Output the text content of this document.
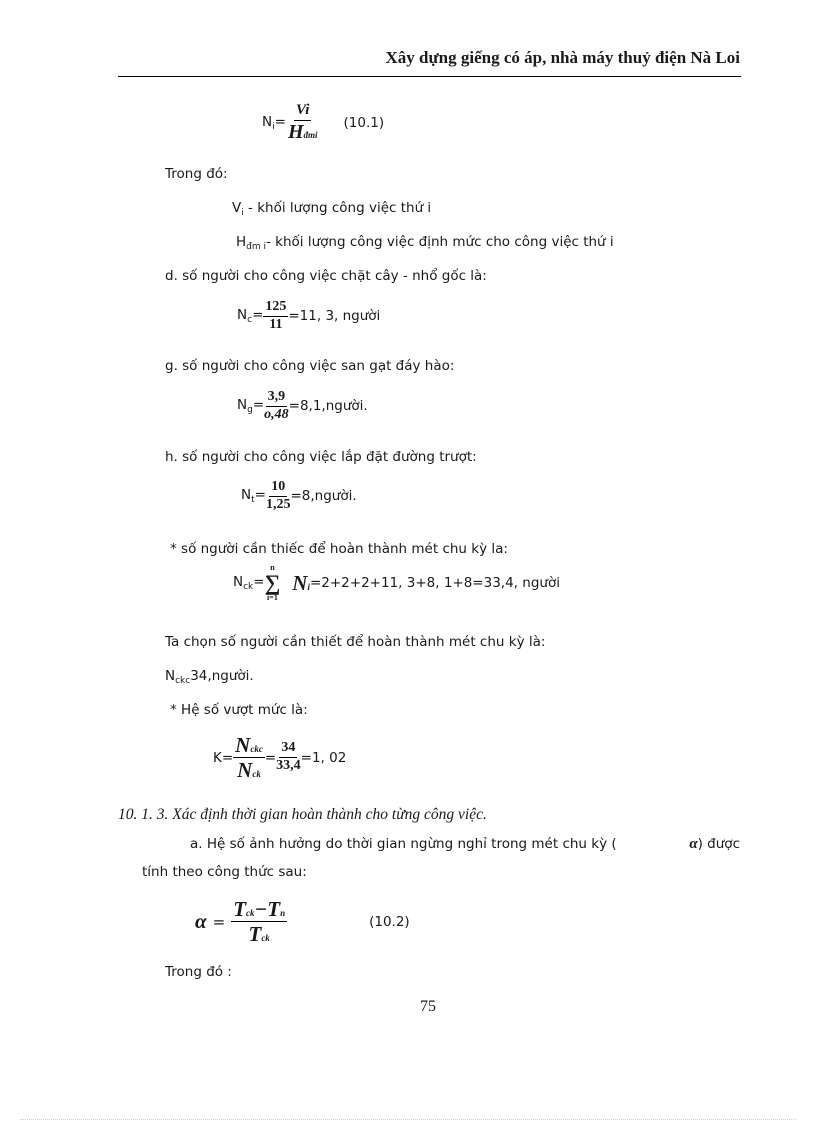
Xây dựng giếng có áp, nhà máy thuỷ điện Nà Loi
$N_i= \frac{Vi}{\text{Hđmi}} (10.1)$
Trong đó:
$V_i$ - khối lượng công việc thứ i
$H_{đm i}-$ khối lượng công việc định mức cho công việc thứ i
d. số người cho công việc chặt cây - nhổ gốc là:
$N_c= \frac{125}{11} =11$, 3, người
g. số người cho công việc san gạt đáy hào:
$N_g= \frac{3,9}{o,48}$ =8,1,người.
h. số người cho công việc lắp đặt đường trượt:
$N_t= \frac{10}{1,25}$ =8,người.
* số người cần thiếc để hoàn thành mét chu kỳ la:
$N_{ck}=$
n
∑
i=1
Ni =2+2+2+11, 3+8, 1+8=33,4, người
Ta chọn số người cần thiết để hoàn thành mét chu kỳ là:
$N_{ckc}34,người$.
* Hệ số vượt mức là:
$K= \frac{\text{Nckc}}{\text{Nck}} = \frac{34}{33,4} =1$, 02
10. 1. 3. Xác định thời gian hoàn thành cho từng công việc.
a. Hệ số ảnh hưởng do thời gian ngừng nghỉ trong mét chu kỳ (	α) được
tính theo công thức sau:
$\alpha = \frac{\text{Tck−Tn}}{\text{Tck}}$	(10.2)
Trong đó :
75
